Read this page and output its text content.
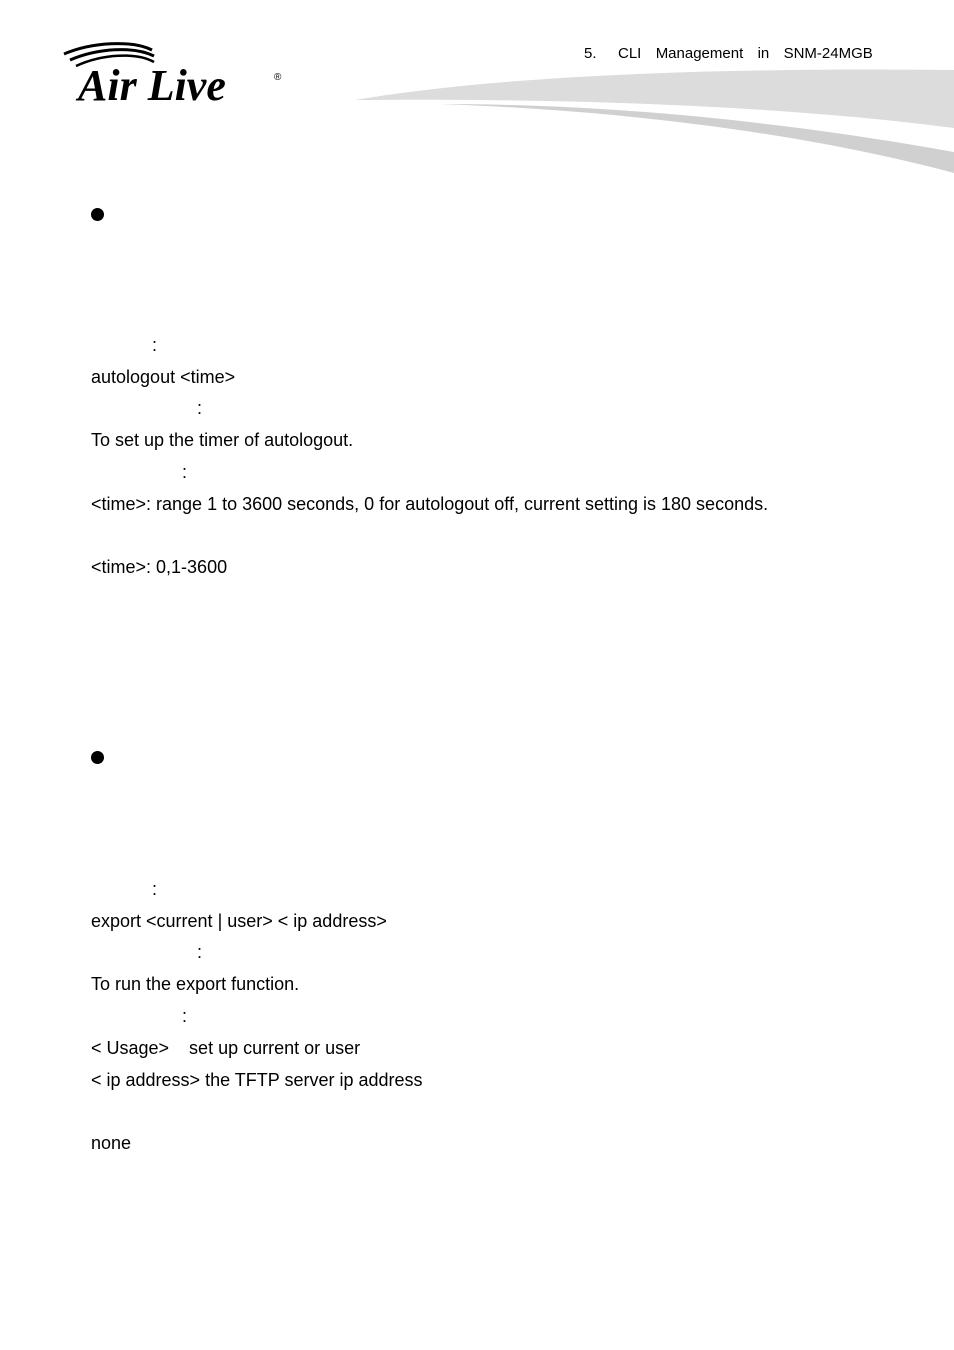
Air Live	®
5.   CLI  Management  in  SNM-24MGB
:
autologout <time>
:
To set up the timer of autologout.
:
<time>: range 1 to 3600 seconds, 0 for autologout off, current setting is 180 seconds.
<time>: 0,1-3600
:
export <current | user> < ip address>
:
To run the export function.
:
< Usage>    set up current or user
< ip address> the TFTP server ip address
none
